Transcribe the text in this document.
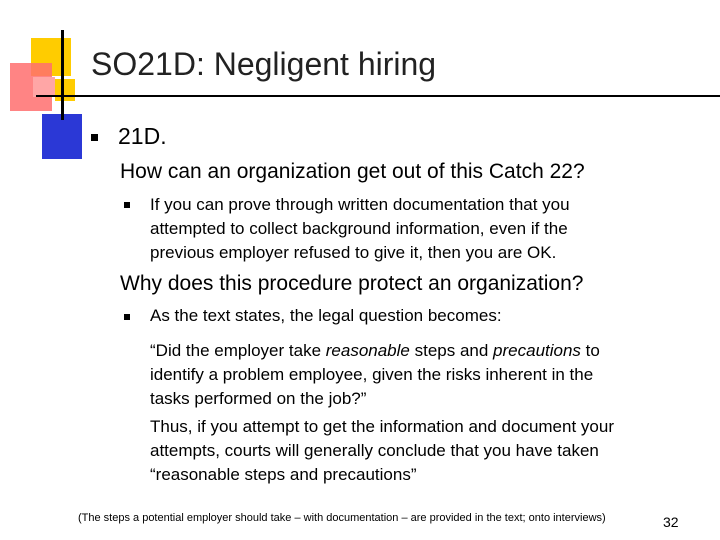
SO21D: Negligent hiring
21D.
How can an organization get out of this Catch 22?
If you can prove through written documentation that you
attempted to collect background information, even if the
previous employer refused to give it, then you are OK.
Why does this procedure protect an organization?
As the text states, the legal question becomes:
“Did the employer take reasonable steps and precautions to
identify a problem employee, given the risks inherent in the
tasks performed on the job?”
Thus, if you attempt to get the information and document your
attempts, courts will generally conclude that you have taken
“reasonable steps and precautions”
(The steps a potential employer should take – with documentation – are provided in the text; onto interviews)	32
